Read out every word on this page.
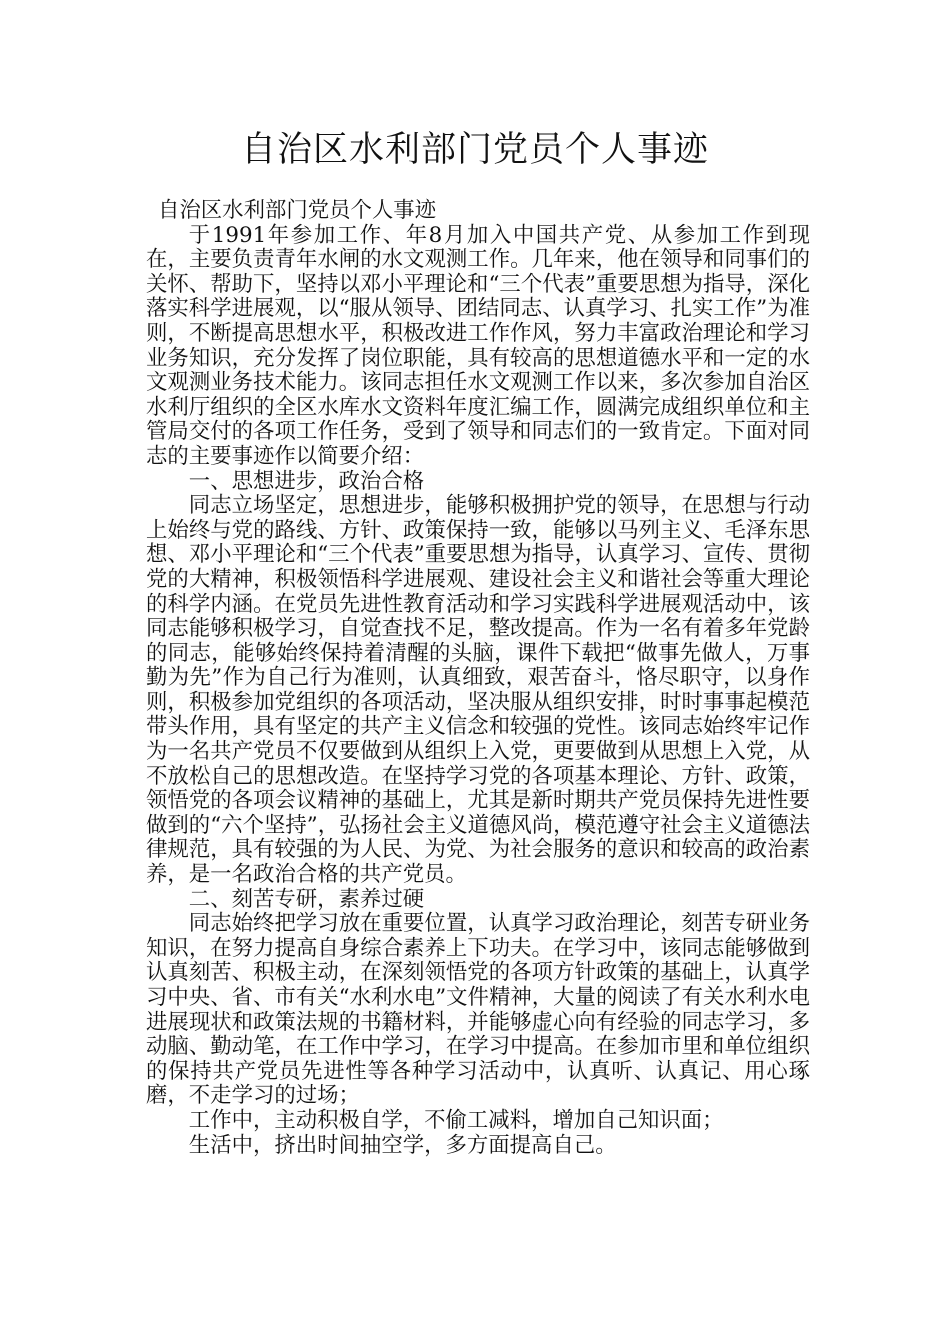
自治区水利部门党员个人事迹

自治区水利部门党员个人事迹

于1991年参加工作、年8月加入中国共产党、从参加工作到现在，主要负责青年水闸的水文观测工作。几年来，他在领导和同事们的关怀、帮助下，坚持以邓小平理论和“三个代表”重要思想为指导，深化落实科学进展观，以“服从领导、团结同志、认真学习、扎实工作”为准则，不断提高思想水平，积极改进工作作风，努力丰富政治理论和学习业务知识，充分发挥了岗位职能，具有较高的思想道德水平和一定的水文观测业务技术能力。该同志担任水文观测工作以来，多次参加自治区水利厅组织的全区水库水文资料年度汇编工作，圆满完成组织单位和主管局交付的各项工作任务，受到了领导和同志们的一致肯定。下面对同志的主要事迹作以简要介绍：

一、思想进步，政治合格

同志立场坚定，思想进步，能够积极拥护党的领导，在思想与行动上始终与党的路线、方针、政策保持一致，能够以马列主义、毛泽东思想、邓小平理论和“三个代表”重要思想为指导，认真学习、宣传、贯彻党的大精神，积极领悟科学进展观、建设社会主义和谐社会等重大理论的科学内涵。在党员先进性教育活动和学习实践科学进展观活动中，该同志能够积极学习，自觉查找不足，整改提高。作为一名有着多年党龄的同志，能够始终保持着清醒的头脑，课件下载把“做事先做人，万事勤为先”作为自己行为准则，认真细致，艰苦奋斗，恪尽职守，以身作则，积极参加党组织的各项活动，坚决服从组织安排，时时事事起模范带头作用，具有坚定的共产主义信念和较强的党性。该同志始终牢记作为一名共产党员不仅要做到从组织上入党，更要做到从思想上入党，从不放松自己的思想改造。在坚持学习党的各项基本理论、方针、政策，领悟党的各项会议精神的基础上，尤其是新时期共产党员保持先进性要做到的“六个坚持”，弘扬社会主义道德风尚，模范遵守社会主义道德法律规范，具有较强的为人民、为党、为社会服务的意识和较高的政治素养，是一名政治合格的共产党员。

二、刻苦专研，素养过硬

同志始终把学习放在重要位置，认真学习政治理论，刻苦专研业务知识，在努力提高自身综合素养上下功夫。在学习中，该同志能够做到认真刻苦、积极主动，在深刻领悟党的各项方针政策的基础上，认真学习中央、省、市有关“水利水电”文件精神，大量的阅读了有关水利水电进展现状和政策法规的书籍材料，并能够虚心向有经验的同志学习，多动脑、勤动笔，在工作中学习，在学习中提高。在参加市里和单位组织的保持共产党员先进性等各种学习活动中，认真听、认真记、用心琢磨，不走学习的过场；

工作中，主动积极自学，不偷工减料，增加自己知识面；

生活中，挤出时间抽空学，多方面提高自己。
